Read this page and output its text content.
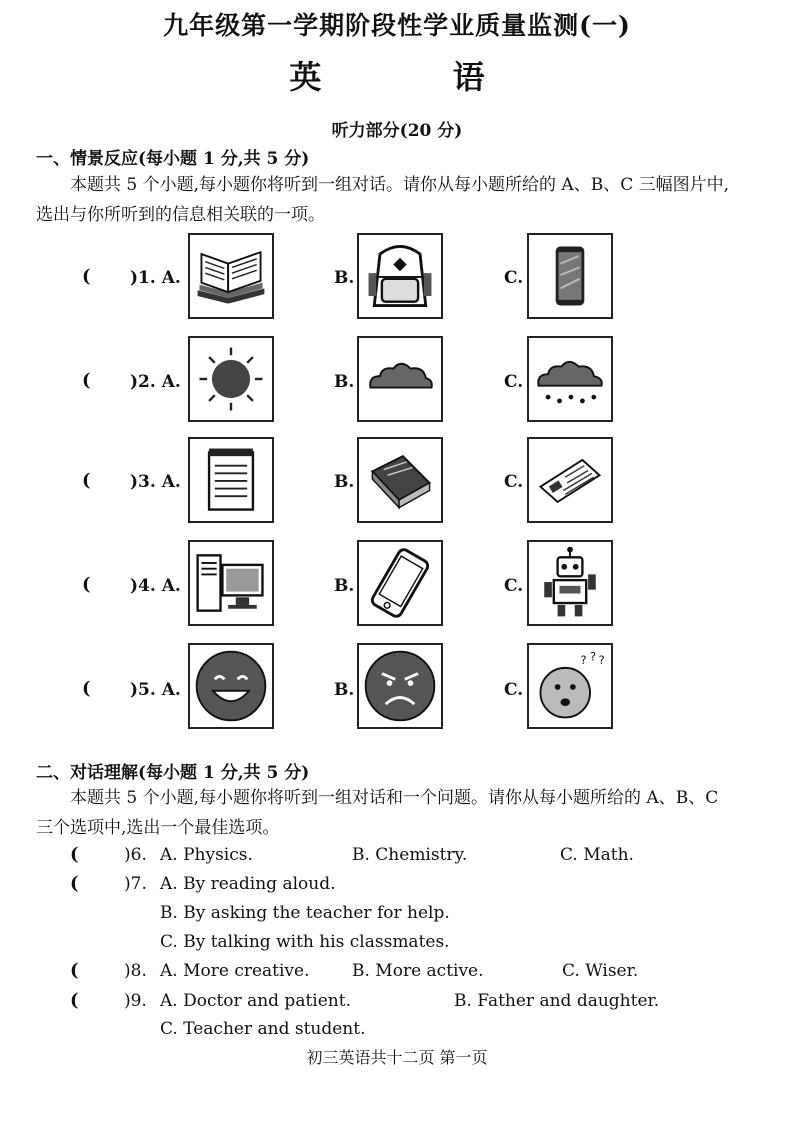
九年级第一学期阶段性学业质量监测(一)
英 语
听力部分(20 分)
一、情景反应(每小题 1 分,共 5 分)
本题共 5 个小题,每小题你将听到一组对话。请你从每小题所给的 A、B、C 三幅图片中,选出与你所听到的信息相关联的一项。
( )1. A.	B.	C.
( )2. A.	B.	C.
( )3. A.	B.	C.
( )4. A.	B.	C.
( )5. A.	B.	C.
? ? ?
二、对话理解(每小题 1 分,共 5 分)
本题共 5 个小题,每小题你将听到一组对话和一个问题。请你从每小题所给的 A、B、C 三个选项中,选出一个最佳选项。
(	)6. A. Physics.	B. Chemistry.	C. Math.
(	)7. A. By reading aloud.
B. By asking the teacher for help.
C. By talking with his classmates.
(	)8. A. More creative.	B. More active.	C. Wiser.
(	)9. A. Doctor and patient.	B. Father and daughter.
C. Teacher and student.
初三英语共十二页 第一页
